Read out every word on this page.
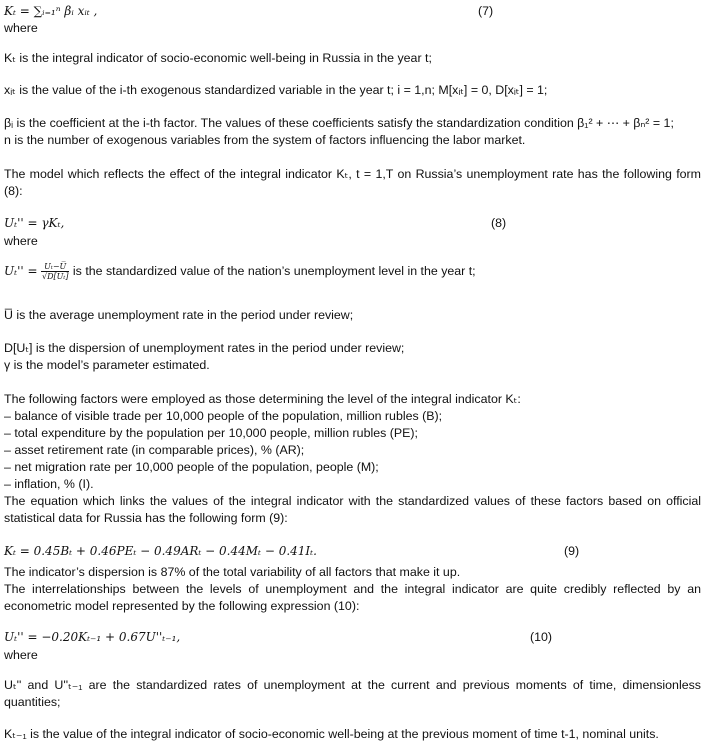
Kₜ = ∑ᵢ₌₁ⁿ βᵢ xᵢₜ ,	(7)
where
Kₜ is the integral indicator of socio-economic well-being in Russia in the year t;
xᵢₜ is the value of the i-th exogenous standardized variable in the year t; i = 1,n; M[xᵢₜ] = 0, D[xᵢₜ] = 1;
βᵢ is the coefficient at the i-th factor. The values of these coefficients satisfy the standardization condition β₁² + ⋯ + βₙ² = 1;
n is the number of exogenous variables from the system of factors influencing the labor market.
The model which reflects the effect of the integral indicator Kₜ, t = 1,T on Russia’s unemployment rate has the following form (8):
Uₜ'' = γKₜ,	(8)
where
$U_t'' = \frac{\text{Uₜ−U̅}}{\text{√D[Uₜ]}}$ is the standardized value of the nation’s unemployment level in the year t;
U̅ is the average unemployment rate in the period under review;
D[Uₜ] is the dispersion of unemployment rates in the period under review;
γ is the model’s parameter estimated.
The following factors were employed as those determining the level of the integral indicator Kₜ:
– balance of visible trade per 10,000 people of the population, million rubles (B);
– total expenditure by the population per 10,000 people, million rubles (PE);
– asset retirement rate (in comparable prices), % (AR);
– net migration rate per 10,000 people of the population, people (M);
– inflation, % (I).
The equation which links the values of the integral indicator with the standardized values of these factors based on official statistical data for Russia has the following form (9):
Kₜ = 0.45Bₜ + 0.46PEₜ − 0.49ARₜ − 0.44Mₜ − 0.41Iₜ.	(9)
The indicator’s dispersion is 87% of the total variability of all factors that make it up.
The interrelationships between the levels of unemployment and the integral indicator are quite credibly reflected by an econometric model represented by the following expression (10):
Uₜ'' = −0.20Kₜ₋₁ + 0.67U''ₜ₋₁,	(10)
where
Uₜ'' and U''ₜ₋₁ are the standardized rates of unemployment at the current and previous moments of time, dimensionless quantities;
Kₜ₋₁ is the value of the integral indicator of socio-economic well-being at the previous moment of time t-1, nominal units.
